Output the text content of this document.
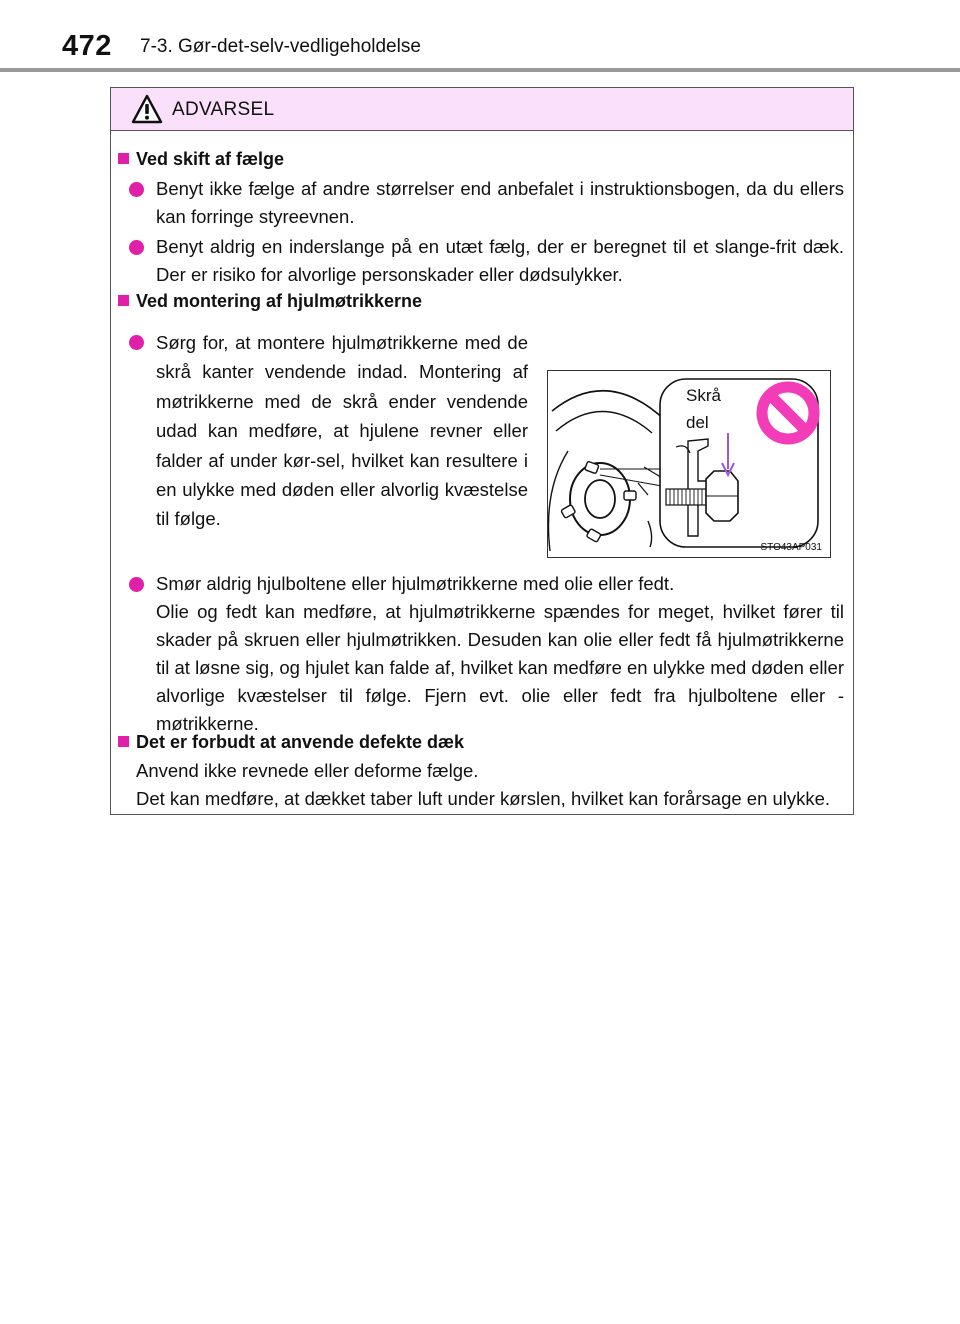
472 7-3. Gør-det-selv-vedligeholdelse
ADVARSEL
Ved skift af fælge
Benyt ikke fælge af andre størrelser end anbefalet i instruktionsbogen, da du ellers kan forringe styreevnen.
Benyt aldrig en inderslange på en utæt fælg, der er beregnet til et slange-frit dæk. Der er risiko for alvorlige personskader eller dødsulykker.
Ved montering af hjulmøtrikkerne
Sørg for, at montere hjulmøtrikkerne med de skrå kanter vendende indad. Montering af møtrikkerne med de skrå ender vendende udad kan medføre, at hjulene revner eller falder af under kør-sel, hvilket kan resultere i en ulykke med døden eller alvorlig kvæstelse til følge.
Skrå
del
STO43AP031
Smør aldrig hjulboltene eller hjulmøtrikkerne med olie eller fedt.
Olie og fedt kan medføre, at hjulmøtrikkerne spændes for meget, hvilket fører til skader på skruen eller hjulmøtrikken. Desuden kan olie eller fedt få hjulmøtrikkerne til at løsne sig, og hjulet kan falde af, hvilket kan medføre en ulykke med døden eller alvorlige kvæstelser til følge. Fjern evt. olie eller fedt fra hjulboltene eller -møtrikkerne.
Det er forbudt at anvende defekte dæk
Anvend ikke revnede eller deforme fælge.
Det kan medføre, at dækket taber luft under kørslen, hvilket kan forårsage en ulykke.
